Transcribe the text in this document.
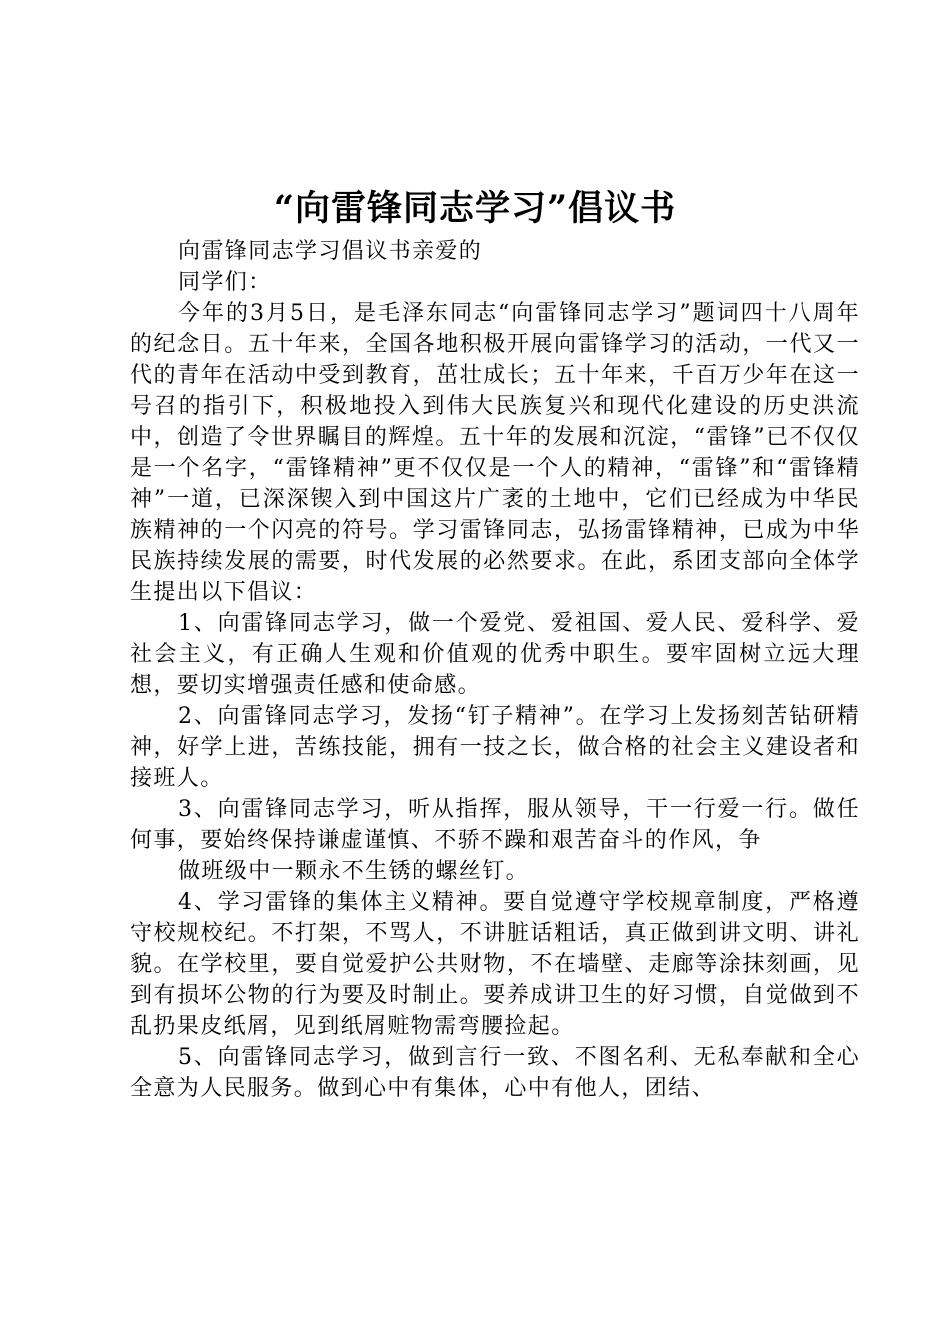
“向雷锋同志学习”倡议书

向雷锋同志学习倡议书亲爱的

同学们：

今年的3月5日，是毛泽东同志“向雷锋同志学习”题词四十八周年的纪念日。五十年来，全国各地积极开展向雷锋学习的活动，一代又一代的青年在活动中受到教育，茁壮成长；五十年来，千百万少年在这一号召的指引下，积极地投入到伟大民族复兴和现代化建设的历史洪流中，创造了令世界瞩目的辉煌。五十年的发展和沉淀，“雷锋”已不仅仅是一个名字，“雷锋精神”更不仅仅是一个人的精神，“雷锋”和“雷锋精神”一道，已深深锲入到中国这片广袤的土地中，它们已经成为中华民族精神的一个闪亮的符号。学习雷锋同志，弘扬雷锋精神，已成为中华民族持续发展的需要，时代发展的必然要求。在此，系团支部向全体学生提出以下倡议：

1、向雷锋同志学习，做一个爱党、爱祖国、爱人民、爱科学、爱社会主义，有正确人生观和价值观的优秀中职生。要牢固树立远大理想，要切实增强责任感和使命感。

2、向雷锋同志学习，发扬“钉子精神”。在学习上发扬刻苦钻研精神，好学上进，苦练技能，拥有一技之长，做合格的社会主义建设者和接班人。

3、向雷锋同志学习，听从指挥，服从领导，干一行爱一行。做任何事，要始终保持谦虚谨慎、不骄不躁和艰苦奋斗的作风，争

做班级中一颗永不生锈的螺丝钉。

4、学习雷锋的集体主义精神。要自觉遵守学校规章制度，严格遵守校规校纪。不打架，不骂人，不讲脏话粗话，真正做到讲文明、讲礼貌。在学校里，要自觉爱护公共财物，不在墙壁、走廊等涂抹刻画，见到有损坏公物的行为要及时制止。要养成讲卫生的好习惯，自觉做到不乱扔果皮纸屑，见到纸屑赃物需弯腰捡起。

5、向雷锋同志学习，做到言行一致、不图名利、无私奉献和全心全意为人民服务。做到心中有集体，心中有他人，团结、
